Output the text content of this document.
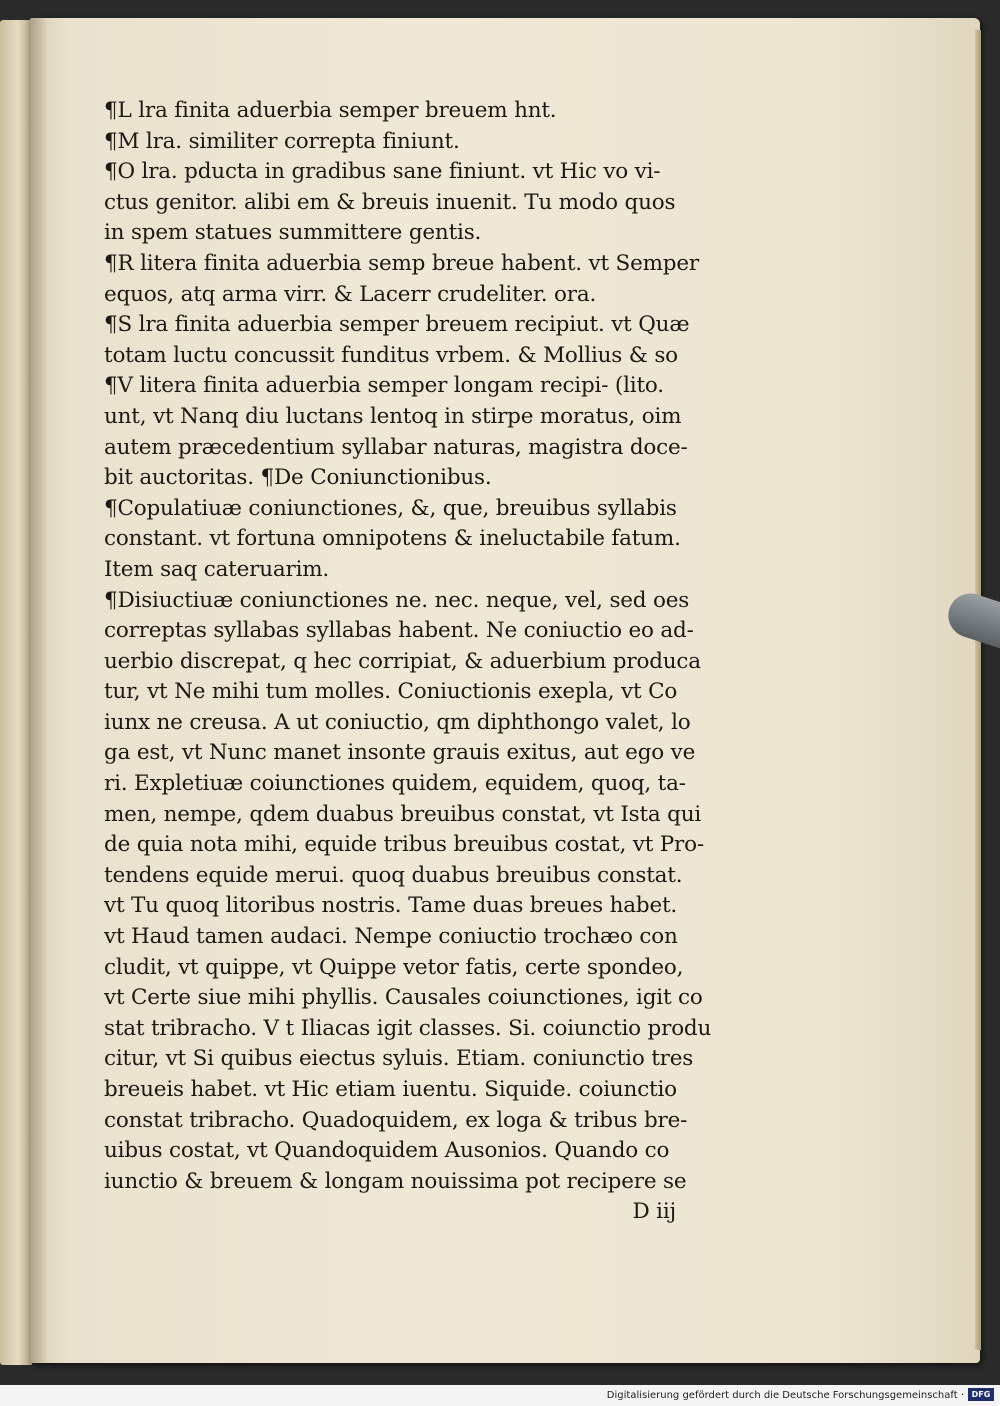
¶L lra finita aduerbia semper breuem hnt.
¶M lra. similiter correpta finiunt.
¶O lra. pducta in gradibus sane finiunt. vt Hic vo vi-
ctus genitor. alibi em & breuis inuenit. Tu modo quos
in spem statues summittere gentis.
¶R litera finita aduerbia semp breue habent. vt Semper
equos, atq arma virr. & Lacerr crudeliter. ora.
¶S lra finita aduerbia semper breuem recipiut. vt Quæ
totam luctu concussit funditus vrbem. & Mollius & so
¶V litera finita aduerbia semper longam recipi- (lito.
unt, vt Nanq diu luctans lentoq in stirpe moratus, oim
autem præcedentium syllabar naturas, magistra doce-
bit auctoritas. ¶De Coniunctionibus.
¶Copulatiuæ coniunctiones, &, que, breuibus syllabis
constant. vt fortuna omnipotens & ineluctabile fatum.
Item saq cateruarim.
¶Disiuctiuæ coniunctiones ne. nec. neque, vel, sed oes
correptas syllabas syllabas habent. Ne coniuctio eo ad-
uerbio discrepat, q hec corripiat, & aduerbium produca
tur, vt Ne mihi tum molles. Coniuctionis exepla, vt Co
iunx ne creusa. A ut coniuctio, qm diphthongo valet, lo
ga est, vt Nunc manet insonte grauis exitus, aut ego ve
ri. Expletiuæ coiunctiones quidem, equidem, quoq, ta-
men, nempe, qdem duabus breuibus constat, vt Ista qui
de quia nota mihi, equide tribus breuibus costat, vt Pro-
tendens equide merui. quoq duabus breuibus constat.
vt Tu quoq litoribus nostris. Tame duas breues habet.
vt Haud tamen audaci. Nempe coniuctio trochæo con
cludit, vt quippe, vt Quippe vetor fatis, certe spondeo,
vt Certe siue mihi phyllis. Causales coiunctiones, igit co
stat tribracho. V t Iliacas igit classes. Si. coiunctio produ
citur, vt Si quibus eiectus syluis. Etiam. coniunctio tres
breueis habet. vt Hic etiam iuentu. Siquide. coiunctio
constat tribracho. Quadoquidem, ex loga & tribus bre-
uibus costat, vt Quandoquidem Ausonios. Quando co
iunctio & breuem & longam nouissima pot recipere se
D iij
Digitalisierung gefördert durch die Deutsche Forschungsgemeinschaft · DFG
